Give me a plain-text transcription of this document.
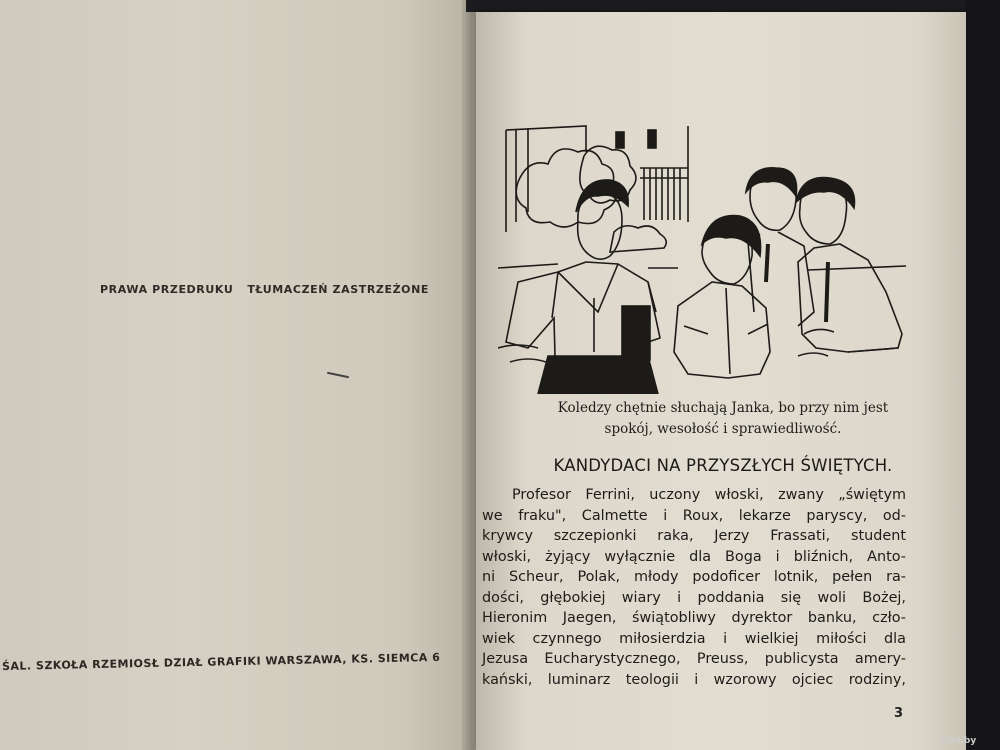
PRAWA PRZEDRUKU TŁUMACZEŃ ZASTRZEŻONE
ŚAL. SZKOŁA RZEMIOSŁ DZIAŁ GRAFIKI WARSZAWA, KS. SIEMCA 6
Koledzy chętnie słuchają Janka, bo przy nim jest
spokój, wesołość i sprawiedliwość.
KANDYDACI NA PRZYSZŁYCH ŚWIĘTYCH.
Profesor Ferrini, uczony włoski, zwany „świętym
we fraku", Calmette i Roux, lekarze paryscy, od-
krywcy szczepionki raka, Jerzy Frassati, student
włoski, żyjący wyłącznie dla Boga i bliźnich, Anto-
ni Scheur, Polak, młody podoficer lotnik, pełen ra-
dości, głębokiej wiary i poddania się woli Bożej,
Hieronim Jaegen, świątobliwy dyrektor banku, czło-
wiek czynnego miłosierdzia i wielkiej miłości dla
Jezusa Eucharystycznego, Preuss, publicysta amery-
kański, luminarz teologii i wzorowy ojciec rodziny,
3
kiwi.by
